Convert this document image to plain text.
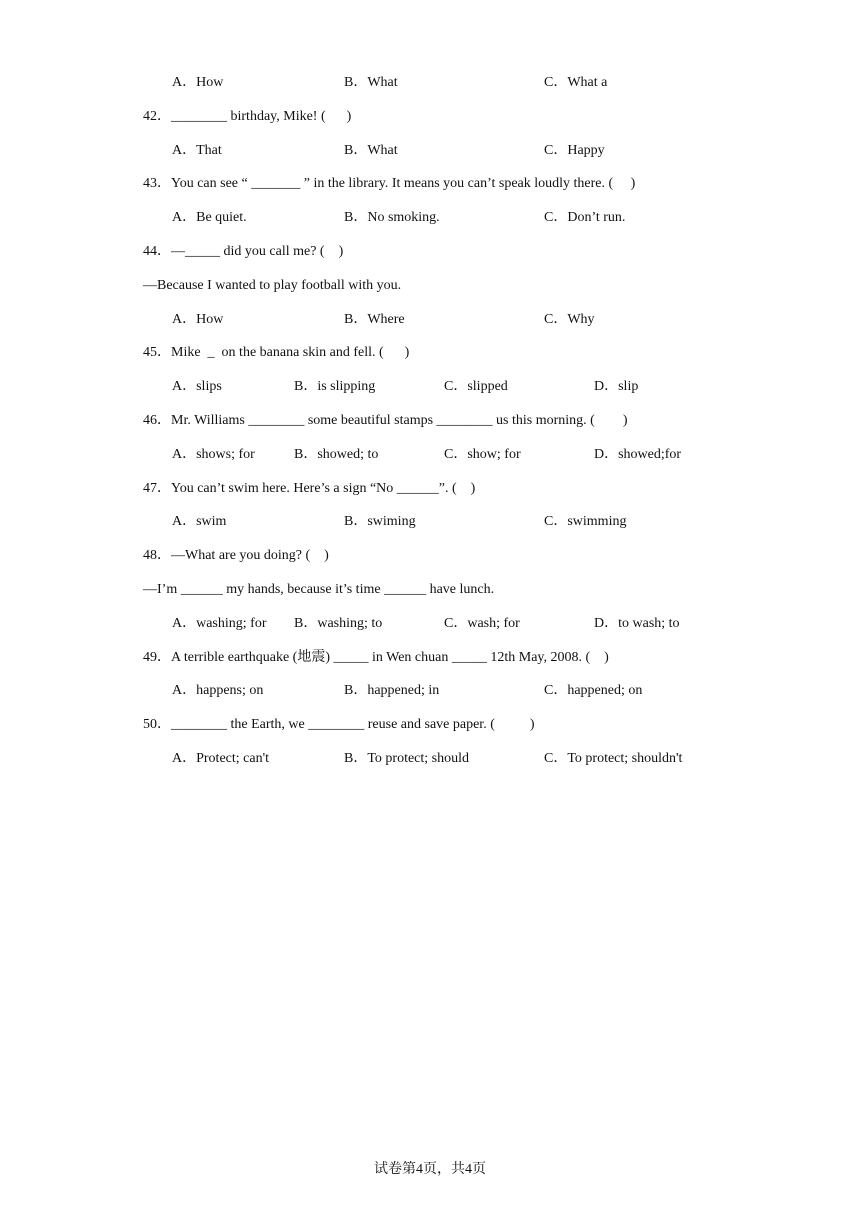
A．How	B．What	C．What a
42．________ birthday, Mike! (      )
A．That	B．What	C．Happy
43．You can see “ _______ ” in the library. It means you can’t speak loudly there. (     )
A．Be quiet.	B．No smoking.	C．Don’t run.
44．—_____ did you call me? (    )
—Because I wanted to play football with you.
A．How	B．Where	C．Why
45．Mike  _  on the banana skin and fell. (      )
A．slips	B．is slipping	C．slipped	D．slip
46．Mr. Williams ________ some beautiful stamps ________ us this morning. (        )
A．shows; for	B．showed; to	C．show; for	D．showed;for
47．You can’t swim here. Here’s a sign “No ______”. (    )
A．swim	B．swiming	C．swimming
48．—What are you doing? (    )
—I’m ______ my hands, because it’s time ______ have lunch.
A．washing; for B．washing; to	C．wash; for	D．to wash; to
49．A terrible earthquake (地震) _____ in Wen chuan _____ 12th May, 2008. (    )
A．happens; on	B．happened; in	C．happened; on
50．________ the Earth, we ________ reuse and save paper. (          )
A．Protect; can't	B．To protect; should	C．To protect; shouldn't
试卷第4页，共4页
